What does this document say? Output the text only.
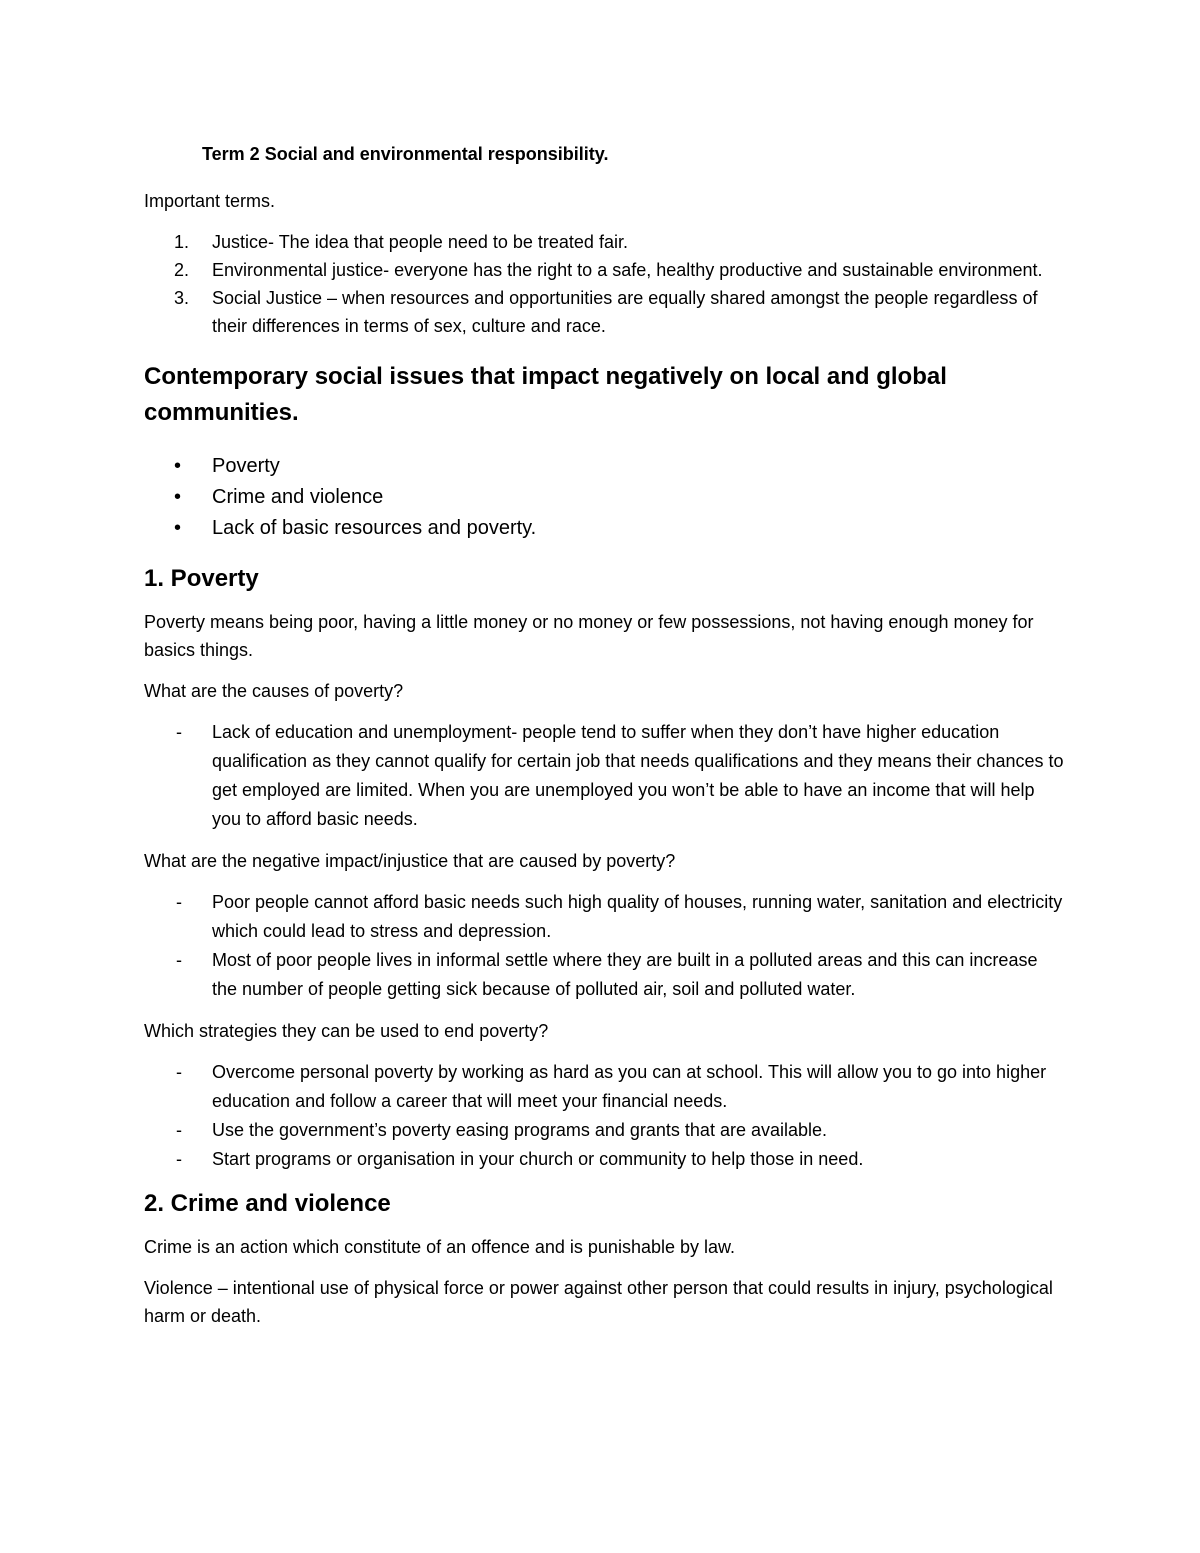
Term 2 Social and environmental responsibility.

Important terms.

1. Justice- The idea that people need to be treated fair.
2. Environmental justice- everyone has the right to a safe, healthy productive and sustainable environment.
3. Social Justice – when resources and opportunities are equally shared amongst the people regardless of their differences in terms of sex, culture and race.
Contemporary social issues that impact negatively on local and global communities.
• Poverty
• Crime and violence
• Lack of basic resources and poverty.
1. Poverty

Poverty means being poor, having a little money or no money or few possessions, not having enough money for basics things.

What are the causes of poverty?

- Lack of education and unemployment- people tend to suffer when they don’t have higher education qualification as they cannot qualify for certain job that needs qualifications and they means their chances to get employed are limited. When you are unemployed you won’t be able to have an income that will help you to afford basic needs.

What are the negative impact/injustice that are caused by poverty?

- Poor people cannot afford basic needs such high quality of houses, running water, sanitation and electricity which could lead to stress and depression.
- Most of poor people lives in informal settle where they are built in a polluted areas and this can increase the number of people getting sick because of polluted air, soil and polluted water.

Which strategies they can be used to end poverty?

- Overcome personal poverty by working as hard as you can at school. This will allow you to go into higher education and follow a career that will meet your financial needs.
- Use the government’s poverty easing programs and grants that are available.
- Start programs or organisation in your church or community to help those in need.
2. Crime and violence

Crime is an action which constitute of an offence and is punishable by law.

Violence – intentional use of physical force or power against other person that could results in injury, psychological harm or death.
